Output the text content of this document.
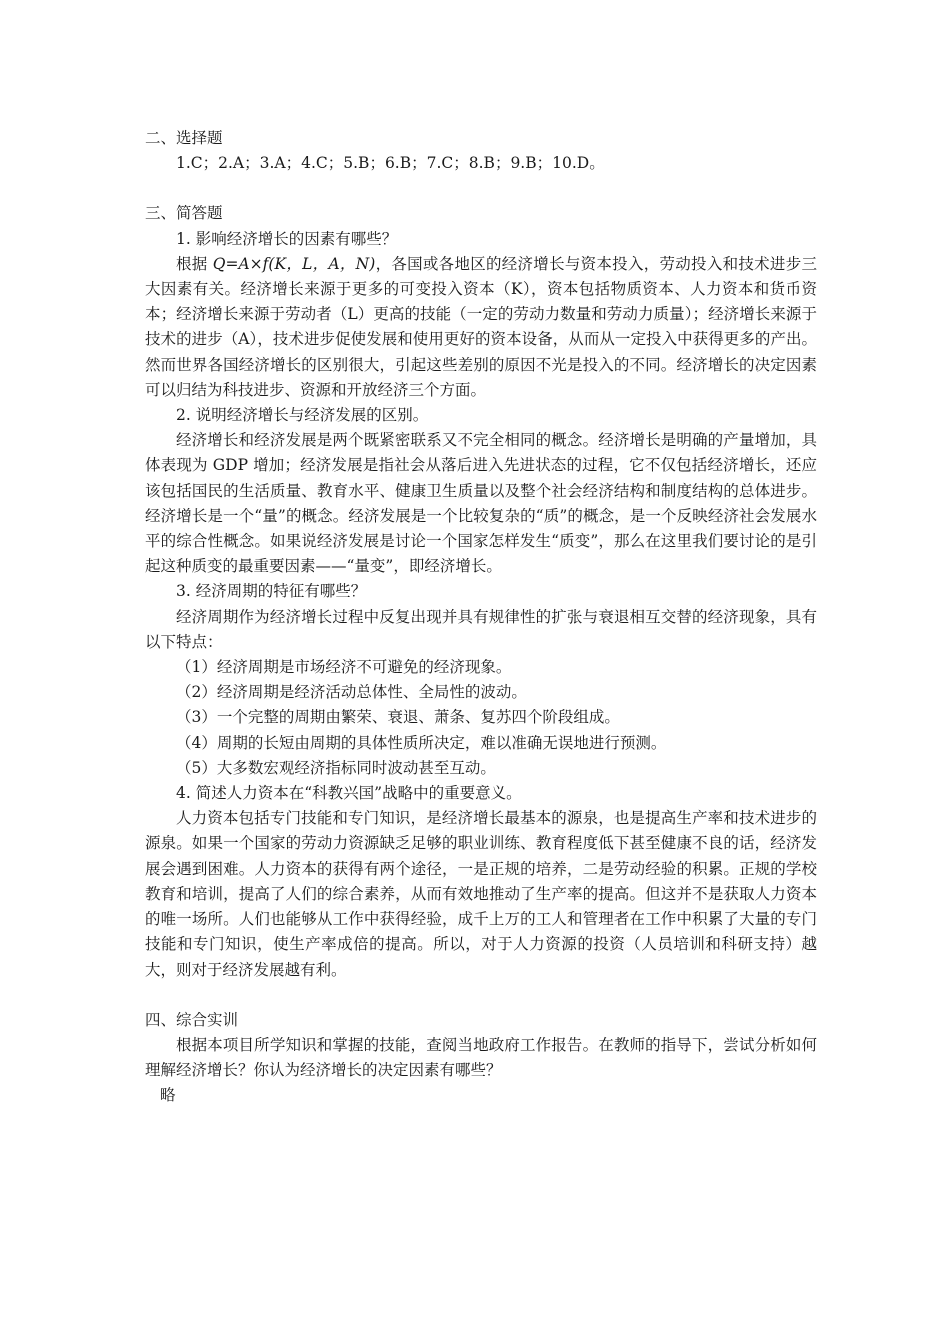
二、选择题

1.C；2.A；3.A；4.C；5.B；6.B；7.C；8.B；9.B；10.D。

三、简答题

1. 影响经济增长的因素有哪些？

根据 Q=A×f(K，L，A，N)，各国或各地区的经济增长与资本投入，劳动投入和技术进步三大因素有关。经济增长来源于更多的可变投入资本（K），资本包括物质资本、人力资本和货币资本；经济增长来源于劳动者（L）更高的技能（一定的劳动力数量和劳动力质量）；经济增长来源于技术的进步（A），技术进步促使发展和使用更好的资本设备，从而从一定投入中获得更多的产出。然而世界各国经济增长的区别很大，引起这些差别的原因不光是投入的不同。经济增长的决定因素可以归结为科技进步、资源和开放经济三个方面。

2. 说明经济增长与经济发展的区别。

经济增长和经济发展是两个既紧密联系又不完全相同的概念。经济增长是明确的产量增加，具体表现为 GDP 增加；经济发展是指社会从落后进入先进状态的过程，它不仅包括经济增长，还应该包括国民的生活质量、教育水平、健康卫生质量以及整个社会经济结构和制度结构的总体进步。经济增长是一个“量”的概念。经济发展是一个比较复杂的“质”的概念，是一个反映经济社会发展水平的综合性概念。如果说经济发展是讨论一个国家怎样发生“质变”，那么在这里我们要讨论的是引起这种质变的最重要因素——“量变”，即经济增长。

3. 经济周期的特征有哪些？

经济周期作为经济增长过程中反复出现并具有规律性的扩张与衰退相互交替的经济现象，具有以下特点：

（1）经济周期是市场经济不可避免的经济现象。

（2）经济周期是经济活动总体性、全局性的波动。

（3）一个完整的周期由繁荣、衰退、萧条、复苏四个阶段组成。

（4）周期的长短由周期的具体性质所决定，难以准确无误地进行预测。

（5）大多数宏观经济指标同时波动甚至互动。

4. 简述人力资本在“科教兴国”战略中的重要意义。

人力资本包括专门技能和专门知识，是经济增长最基本的源泉，也是提高生产率和技术进步的源泉。如果一个国家的劳动力资源缺乏足够的职业训练、教育程度低下甚至健康不良的话，经济发展会遇到困难。人力资本的获得有两个途径，一是正规的培养，二是劳动经验的积累。正规的学校教育和培训，提高了人们的综合素养，从而有效地推动了生产率的提高。但这并不是获取人力资本的唯一场所。人们也能够从工作中获得经验，成千上万的工人和管理者在工作中积累了大量的专门技能和专门知识，使生产率成倍的提高。所以，对于人力资源的投资（人员培训和科研支持）越大，则对于经济发展越有利。

四、综合实训

根据本项目所学知识和掌握的技能，查阅当地政府工作报告。在教师的指导下，尝试分析如何理解经济增长？你认为经济增长的决定因素有哪些？

略
